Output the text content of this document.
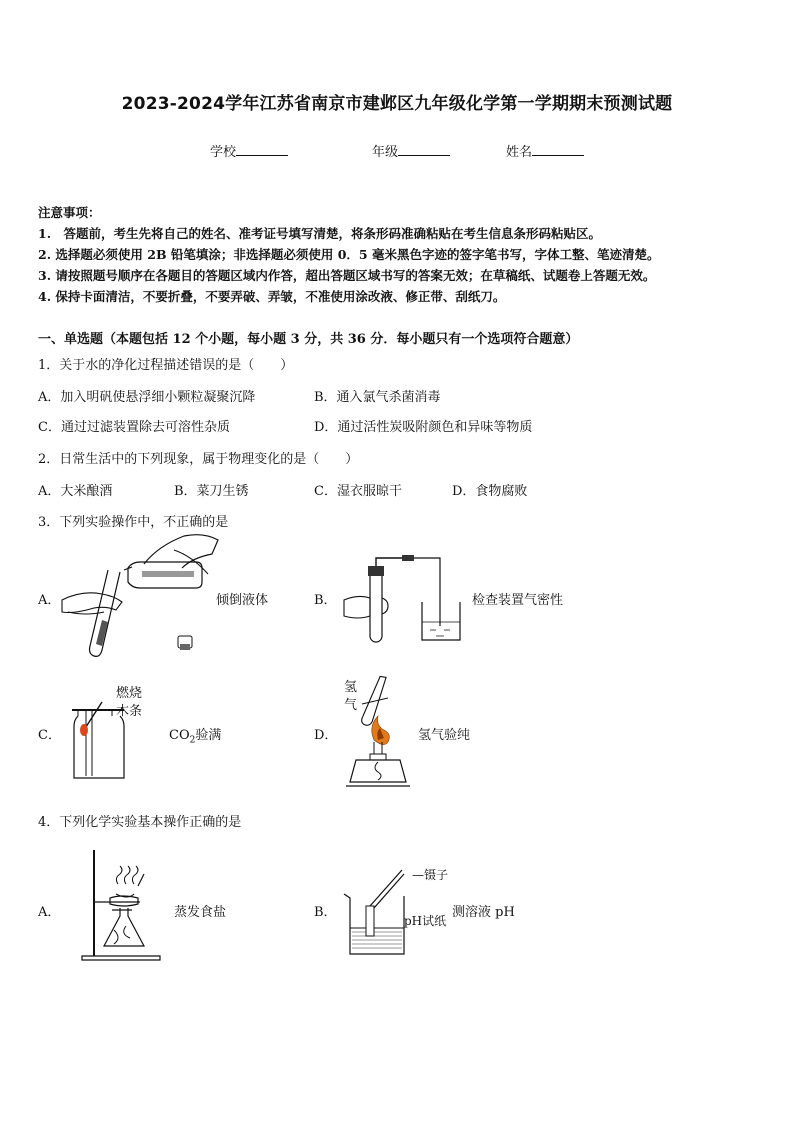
2023-2024学年江苏省南京市建邺区九年级化学第一学期期末预测试题
学校	年级	姓名
注意事项：
1.　答题前，考生先将自己的姓名、准考证号填写清楚，将条形码准确粘贴在考生信息条形码粘贴区。
2. 选择题必须使用 2B 铅笔填涂；非选择题必须使用 0．5 毫米黑色字迹的签字笔书写，字体工整、笔迹清楚。
3. 请按照题号顺序在各题目的答题区域内作答，超出答题区域书写的答案无效；在草稿纸、试题卷上答题无效。
4. 保持卡面清洁，不要折叠，不要弄破、弄皱，不准使用涂改液、修正带、刮纸刀。
一、单选题（本题包括 12 个小题，每小题 3 分，共 36 分．每小题只有一个选项符合题意）
1．关于水的净化过程描述错误的是（　　）
A．加入明矾使悬浮细小颗粒凝聚沉降	B．通入氯气杀菌消毒
C．通过过滤装置除去可溶性杂质	D．通过活性炭吸附颜色和异味等物质
2．日常生活中的下列现象，属于物理变化的是（　　）
A．大米酿酒	B．菜刀生锈	C．湿衣服晾干	D．食物腐败
3．下列实验操作中，不正确的是
A．	倾倒液体	B．	检查装置气密性
C．
燃烧
木条
$CO_2$验满	D．
氢
气
氢气验纯
4．下列化学实验基本操作正确的是
A．	蒸发食盐	B．
—镊子
pH试纸
测溶液 pH
